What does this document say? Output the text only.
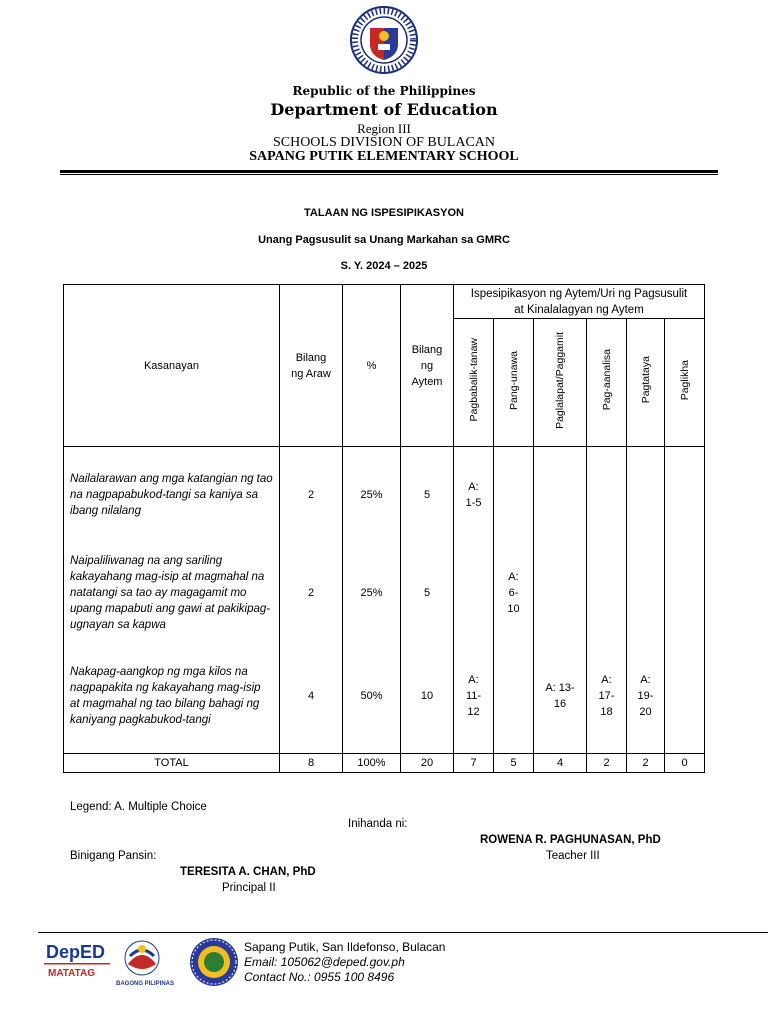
Republic of the Philippines
Department of Education
Region III
SCHOOLS DIVISION OF BULACAN
SAPANG PUTIK ELEMENTARY SCHOOL
TALAAN NG ISPESIPIKASYON
Unang Pagsusulit sa Unang Markahan sa GMRC
S. Y. 2024 – 2025
Kasanayan	Bilang ng Araw	%	Bilang ng Aytem	Ispesipikasyon ng Aytem/Uri ng Pagsusulit at Kinalalagyan ng Aytem					
				Pagbabalik-tanaw	Pang-unawa	Paglalapat/Paggamit	Pag-aanalisa	Pagtataya	Paglikha

Nailalarawan ang mga katangian ng tao na nagpapabukod-tangi sa kaniya sa ibang nilalang	2	25%	5	A: 1-5					

Naipaliliwanag na ang sariling kakayahang mag-isip at magmahal na natatangi sa tao ay magagamit mo upang mapabuti ang gawi at pakikipag-ugnayan sa kapwa	2	25%	5		A: 6-10				

Nakapag-aangkop ng mga kilos na nagpapakita ng kakayahang mag-isip at magmahal ng tao bilang bahagi ng kaniyang pagkabukod-tangi	4	50%	10	A: 11-12		A: 13-16	A: 17-18	A: 19-20	

TOTAL	8	100%	20	7	5	4	2	2	0
Legend: A. Multiple Choice
Inihanda ni:
ROWENA R. PAGHUNASAN, PhD
Teacher III
Binigang Pansin:
TERESITA A. CHAN, PhD
Principal II
DepED
MATATAG
BAGONG PILIPINAS
Sapang Putik, San Ildefonso, Bulacan
Email: 105062@deped.gov.ph
Contact No.: 0955 100 8496
